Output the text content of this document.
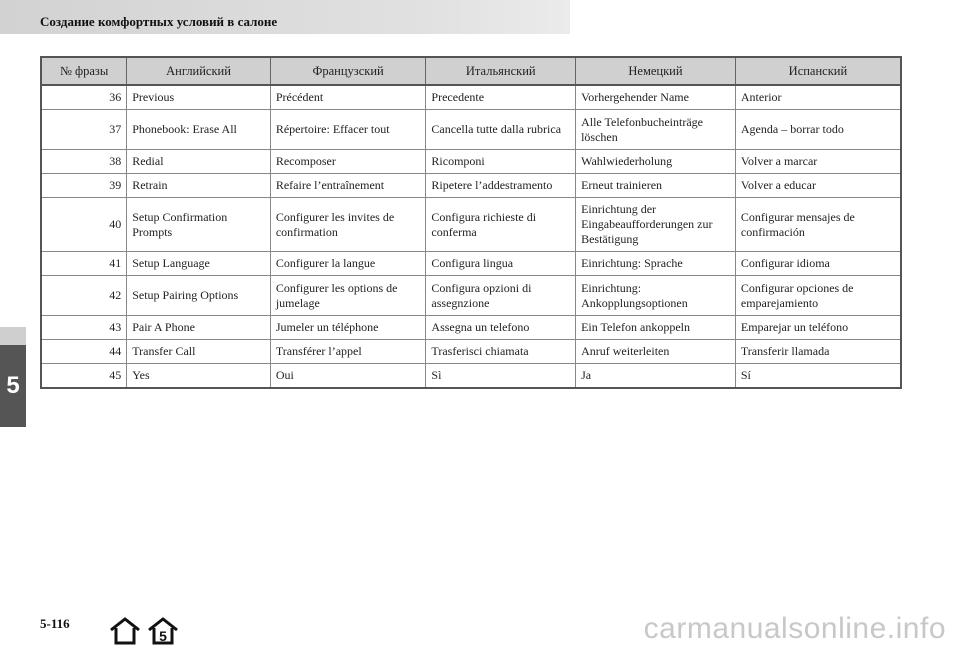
Создание комфортных условий в салоне
№ фразы	Английский	Французский	Итальянский	Немецкий	Испанский
36	Previous	Précédent	Precedente	Vorhergehender Name	Anterior
37	Phonebook: Erase All	Répertoire: Effacer tout	Cancella tutte dalla rubrica	Alle Telefonbucheinträge löschen	Agenda – borrar todo
38	Redial	Recomposer	Ricomponi	Wahlwiederholung	Volver a marcar
39	Retrain	Refaire l’entraînement	Ripetere l’addestramento	Erneut trainieren	Volver a educar
40	Setup Confirmation Prompts	Configurer les invites de confirmation	Configura richieste di conferma	Einrichtung der Eingabeaufforderungen zur Bestätigung	Configurar mensajes de confirmación
41	Setup Language	Configurer la langue	Configura lingua	Einrichtung: Sprache	Configurar idioma
42	Setup Pairing Options	Configurer les options de jumelage	Configura opzioni di assegnzione	Einrichtung: Ankopplungsoptionen	Configurar opciones de emparejamiento
43	Pair A Phone	Jumeler un téléphone	Assegna un telefono	Ein Telefon ankoppeln	Emparejar un teléfono
44	Transfer Call	Transférer l’appel	Trasferisci chiamata	Anruf weiterleiten	Transferir llamada
45	Yes	Oui	Sì	Ja	Sí
5
5-116
5	carmanualsonline.info
